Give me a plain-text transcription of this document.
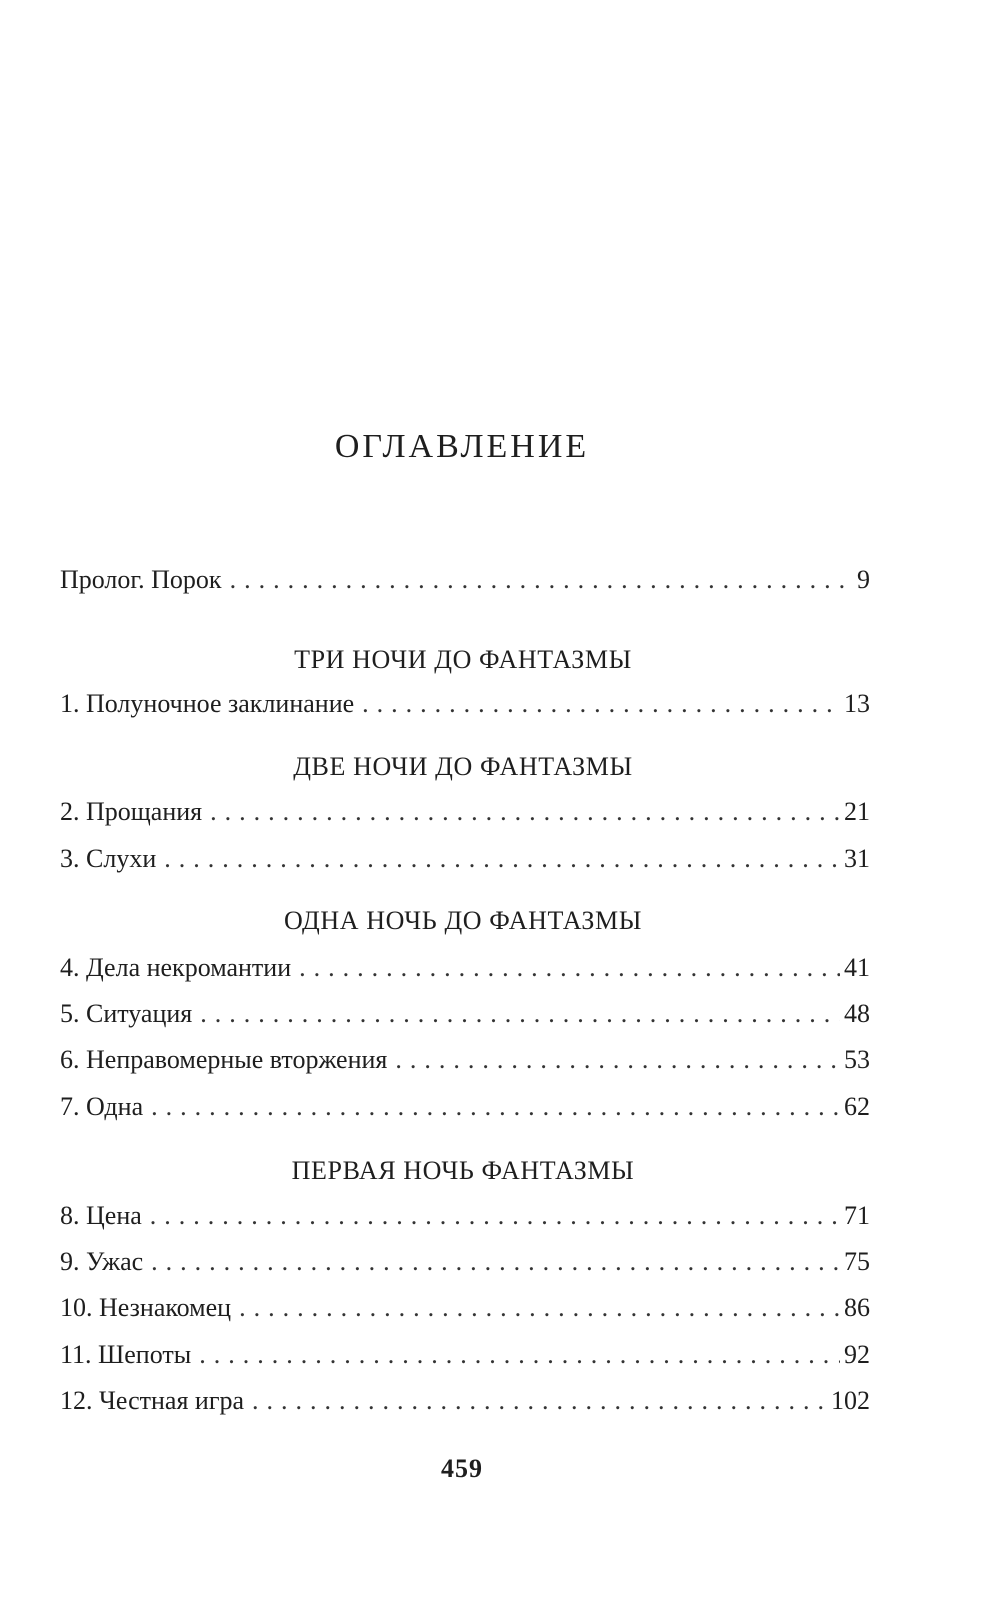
ОГЛАВЛЕНИЕ
Пролог. Порок . . .	9
ТРИ НОЧИ ДО ФАНТАЗМЫ
1. Полуночное заклинание . . .	13
ДВЕ НОЧИ ДО ФАНТАЗМЫ
2. Прощания . . .	21
3. Слухи . . .	31
ОДНА НОЧЬ ДО ФАНТАЗМЫ
4. Дела некромантии . . .	41
5. Ситуация . . .	48
6. Неправомерные вторжения . . .	53
7. Одна . . .	62
ПЕРВАЯ НОЧЬ ФАНТАЗМЫ
8. Цена . . .	71
9. Ужас . . .	75
10. Незнакомец . . .	86
11. Шепоты . . .	92
12. Честная игра . . .	102
459
